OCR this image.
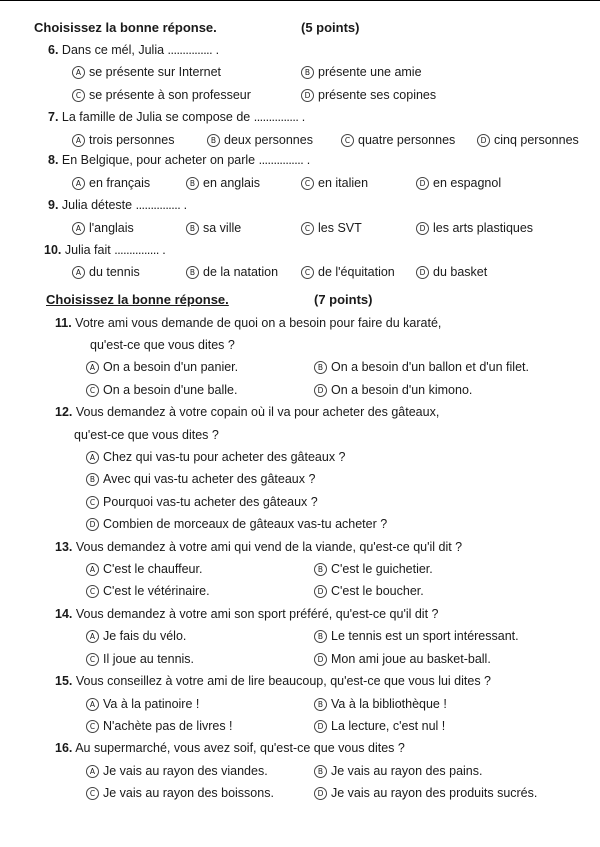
Choisissez la bonne réponse.	(5 points)
6. Dans ce mél, Julia ............... .
A se présente sur Internet	B présente une amie
C se présente à son professeur	D présente ses copines
7. La famille de Julia se compose de ............... .
A trois personnes	B deux personnes	C quatre personnes	D cinq personnes
8. En Belgique, pour acheter on parle ............... .
A en français	B en anglais	C en italien	D en espagnol
9. Julia déteste ............... .
A l'anglais	B sa ville	C les SVT	D les arts plastiques
10. Julia fait ............... .
A du tennis	B de la natation	C de l'équitation	D du basket
Choisissez la bonne réponse.	(7 points)
11. Votre ami vous demande de quoi on a besoin pour faire du karaté,
qu'est-ce que vous dites ?
A On a besoin d'un panier.	B On a besoin d'un ballon et d'un filet.
C On a besoin d'une balle.	D On a besoin d'un kimono.
12. Vous demandez à votre copain où il va pour acheter des gâteaux,
qu'est-ce que vous dites ?
A Chez qui vas-tu pour acheter des gâteaux ?
B Avec qui vas-tu acheter des gâteaux ?
C Pourquoi vas-tu acheter des gâteaux ?
D Combien de morceaux de gâteaux vas-tu acheter ?
13. Vous demandez à votre ami qui vend de la viande, qu'est-ce qu'il dit ?
A C'est le chauffeur.	B C'est le guichetier.
C C'est le vétérinaire.	D C'est le boucher.
14. Vous demandez à votre ami son sport préféré, qu'est-ce qu'il dit ?
A Je fais du vélo.	B Le tennis est un sport intéressant.
C Il joue au tennis.	D Mon ami joue au basket-ball.
15. Vous conseillez à votre ami de lire beaucoup, qu'est-ce que vous lui dites ?
A Va à la patinoire !	B Va à la bibliothèque !
C N'achète pas de livres !	D La lecture, c'est nul !
16. Au supermarché, vous avez soif, qu'est-ce que vous dites ?
A Je vais au rayon des viandes.	B Je vais au rayon des pains.
C Je vais au rayon des boissons.	D Je vais au rayon des produits sucrés.
